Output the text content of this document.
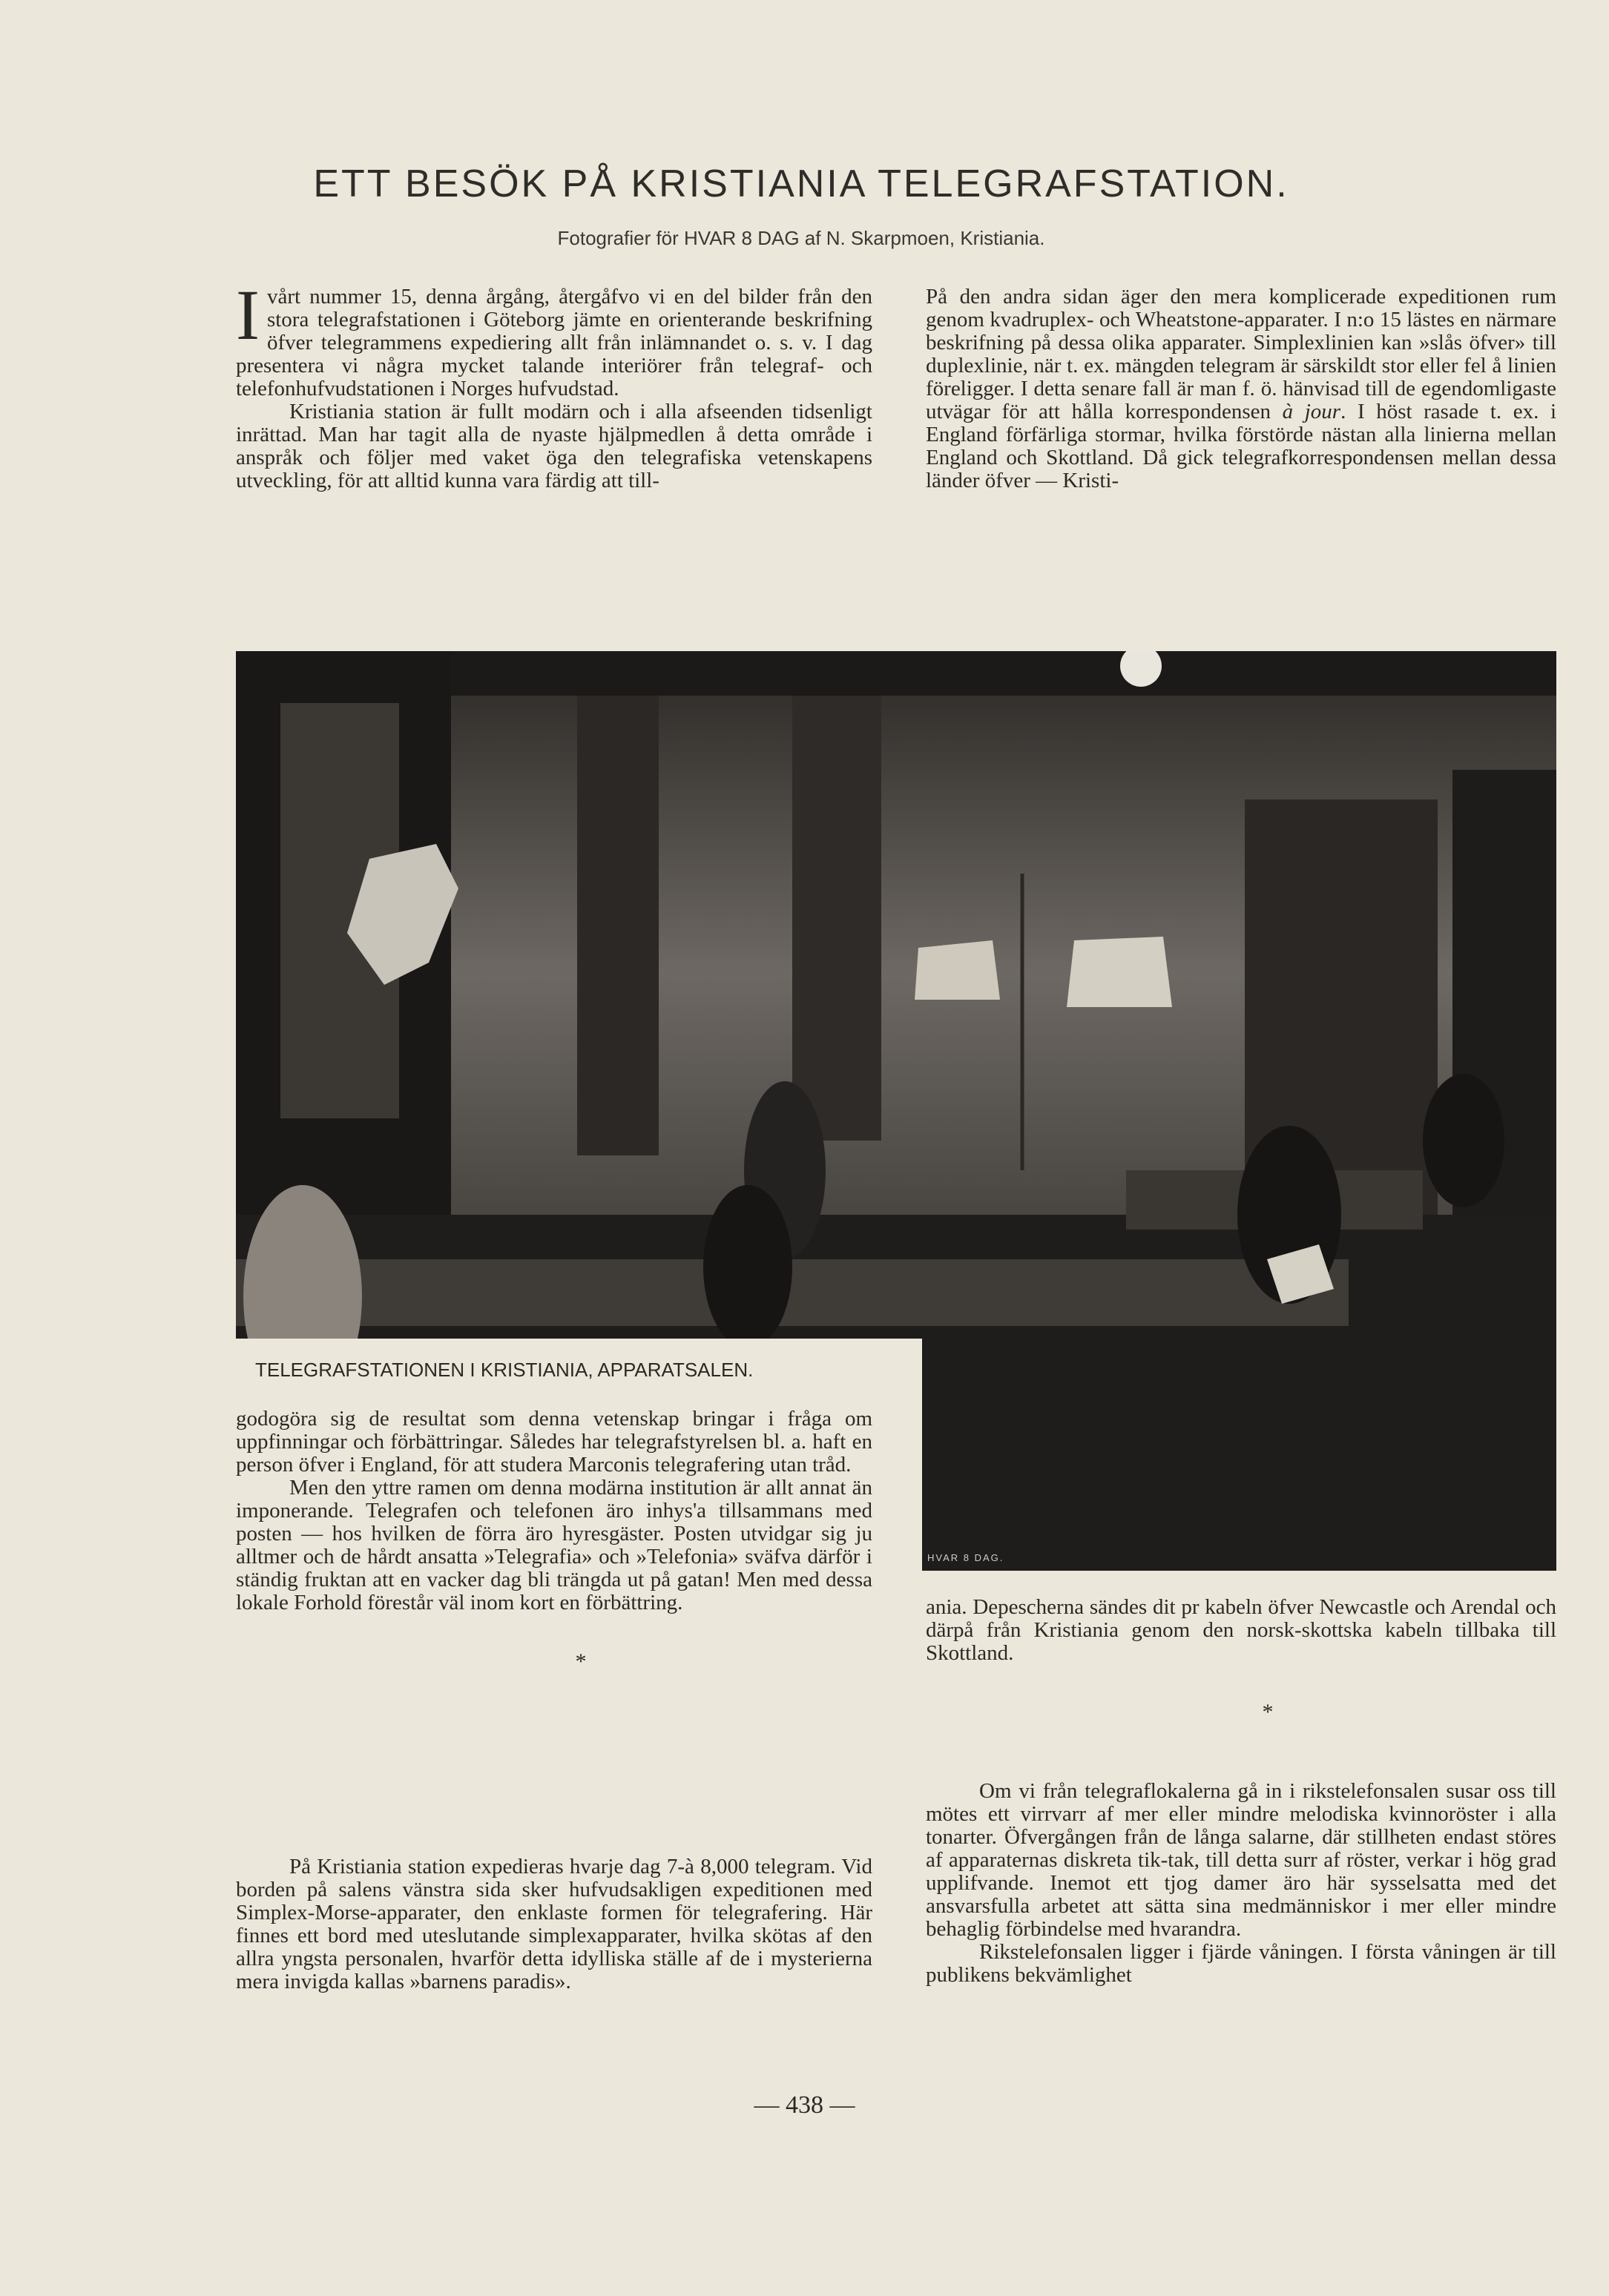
ETT BESÖK PÅ KRISTIANIA TELEGRAFSTATION.

Fotografier för HVAR 8 DAG af N. Skarpmoen, Kristiania.

Ivårt nummer 15, denna årgång, återgåfvo vi en del bilder från den stora telegrafstationen i Göteborg jämte en orienterande beskrifning öfver telegrammens expediering allt från inlämnandet o. s. v. I dag presentera vi några mycket talande interiörer från telegraf- och telefonhufvudstationen i Norges hufvudstad.

Kristiania station är fullt modärn och i alla afseenden tidsenligt inrättad. Man har tagit alla de nyaste hjälpmedlen å detta område i anspråk och följer med vaket öga den telegrafiska vetenskapens utveckling, för att alltid kunna vara färdig att till-

På den andra sidan äger den mera komplicerade expeditionen rum genom kvadruplex- och Wheatstone-apparater. I n:o 15 lästes en närmare beskrifning på dessa olika apparater. Simplexlinien kan »slås öfver» till duplexlinie, när t. ex. mängden telegram är särskildt stor eller fel å linien föreligger. I detta senare fall är man f. ö. hänvisad till de egendomligaste utvägar för att hålla korrespondensen à jour. I höst rasade t. ex. i England förfärliga stormar, hvilka förstörde nästan alla linierna mellan England och Skottland. Då gick telegrafkorrespondensen mellan dessa länder öfver — Kristi-

TELEGRAFSTATIONEN I KRISTIANIA, APPARATSALEN.

HVAR 8 DAG.

godogöra sig de resultat som denna vetenskap bringar i fråga om uppfinningar och förbättringar. Således har telegrafstyrelsen bl. a. haft en person öfver i England, för att studera Marconis telegrafering utan tråd.

Men den yttre ramen om denna modärna institution är allt annat än imponerande. Telegrafen och telefonen äro inhys'a tillsammans med posten — hos hvilken de förra äro hyresgäster. Posten utvidgar sig ju alltmer och de hårdt ansatta »Telegrafia» och »Telefonia» sväfva därför i ständig fruktan att en vacker dag bli trängda ut på gatan! Men med dessa lokale Forhold förestår väl inom kort en förbättring.

*

På Kristiania station expedieras hvarje dag 7-à 8,000 telegram. Vid borden på salens vänstra sida sker hufvudsakligen expeditionen med Simplex-Morse-apparater, den enklaste formen för telegrafering. Här finnes ett bord med uteslutande simplexapparater, hvilka skötas af den allra yngsta personalen, hvarför detta idylliska ställe af de i mysterierna mera invigda kallas »barnens paradis».

ania. Depescherna sändes dit pr kabeln öfver Newcastle och Arendal och därpå från Kristiania genom den norsk-skottska kabeln tillbaka till Skottland.

*

Om vi från telegraflokalerna gå in i rikstelefonsalen susar oss till mötes ett virrvarr af mer eller mindre melodiska kvinnoröster i alla tonarter. Öfvergången från de långa salarne, där stillheten endast störes af apparaternas diskreta tik-tak, till detta surr af röster, verkar i hög grad upplifvande. Inemot ett tjog damer äro här sysselsatta med det ansvarsfulla arbetet att sätta sina medmänniskor i mer eller mindre behaglig förbindelse med hvarandra.

Rikstelefonsalen ligger i fjärde våningen. I första våningen är till publikens bekvämlighet

— 438 —
